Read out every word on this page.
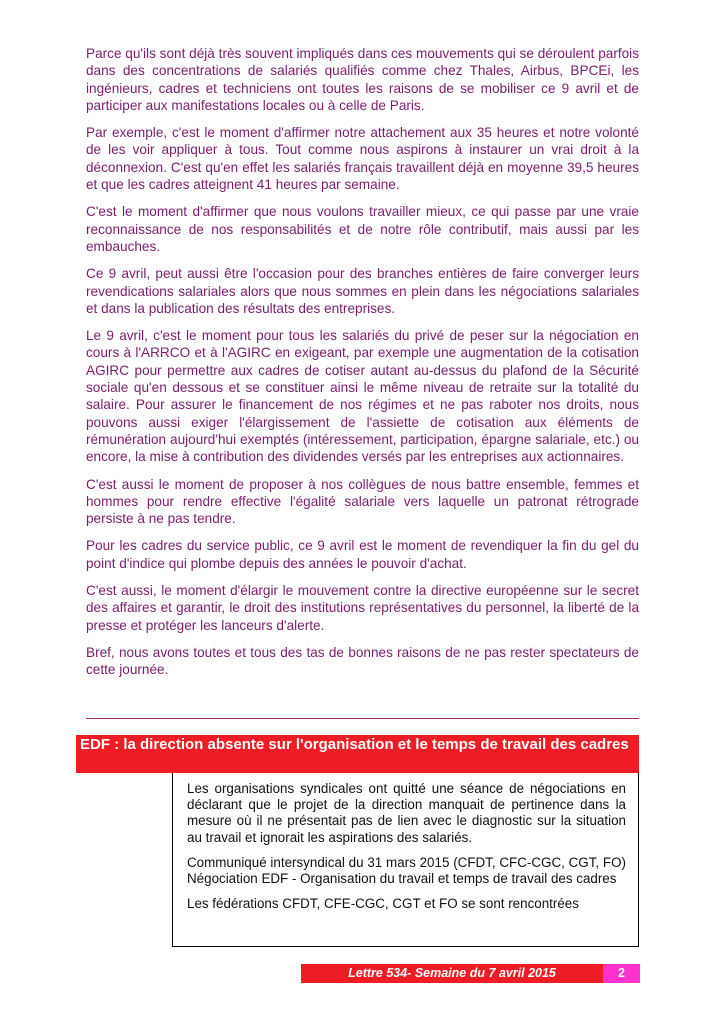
Parce qu'ils sont déjà très souvent impliqués dans ces mouvements qui se déroulent parfois dans des concentrations de salariés qualifiés comme chez Thales, Airbus, BPCEi, les ingénieurs, cadres et techniciens ont toutes les raisons de se mobiliser ce 9 avril et de participer aux manifestations locales ou à celle de Paris.

Par exemple, c'est le moment d'affirmer notre attachement aux 35 heures et notre volonté de les voir appliquer à tous. Tout comme nous aspirons à instaurer un vrai droit à la déconnexion. C'est qu'en effet les salariés français travaillent déjà en moyenne 39,5 heures et que les cadres atteignent 41 heures par semaine.

C'est le moment d'affirmer que nous voulons travailler mieux, ce qui passe par une vraie reconnaissance de nos responsabilités et de notre rôle contributif, mais aussi par les embauches.

Ce 9 avril, peut aussi être l'occasion pour des branches entières de faire converger leurs revendications salariales alors que nous sommes en plein dans les négociations salariales et dans la publication des résultats des entreprises.

Le 9 avril, c'est le moment pour tous les salariés du privé de peser sur la négociation en cours à l'ARRCO et à l'AGIRC en exigeant, par exemple une augmentation de la cotisation AGIRC pour permettre aux cadres de cotiser autant au-dessus du plafond de la Sécurité sociale qu'en dessous et se constituer ainsi le même niveau de retraite sur la totalité du salaire. Pour assurer le financement de nos régimes et ne pas raboter nos droits, nous pouvons aussi exiger l'élargissement de l'assiette de cotisation aux éléments de rémunération aujourd'hui exemptés (intéressement, participation, épargne salariale, etc.) ou encore, la mise à contribution des dividendes versés par les entreprises aux actionnaires.

C'est aussi le moment de proposer à nos collègues de nous battre ensemble, femmes et hommes pour rendre effective l'égalité salariale vers laquelle un patronat rétrograde persiste à ne pas tendre.

Pour les cadres du service public, ce 9 avril est le moment de revendiquer la fin du gel du point d'indice qui plombe depuis des années le pouvoir d'achat.

C'est aussi, le moment d'élargir le mouvement contre la directive européenne sur le secret des affaires et garantir, le droit des institutions représentatives du personnel, la liberté de la presse et protéger les lanceurs d'alerte.

Bref, nous avons toutes et tous des tas de bonnes raisons de ne pas rester spectateurs de cette journée.

EDF : la direction absente sur l'organisation et le temps de travail des cadres

Les organisations syndicales ont quitté une séance de négociations en déclarant que le projet de la direction manquait de pertinence dans la mesure où il ne présentait pas de lien avec le diagnostic sur la situation au travail et ignorait les aspirations des salariés.

Communiqué intersyndical du 31 mars 2015 (CFDT, CFC-CGC, CGT, FO) Négociation EDF - Organisation du travail et temps de travail des cadres

Les fédérations CFDT, CFE-CGC, CGT et FO se sont rencontrées

Lettre 534- Semaine du 7 avril 2015	2
